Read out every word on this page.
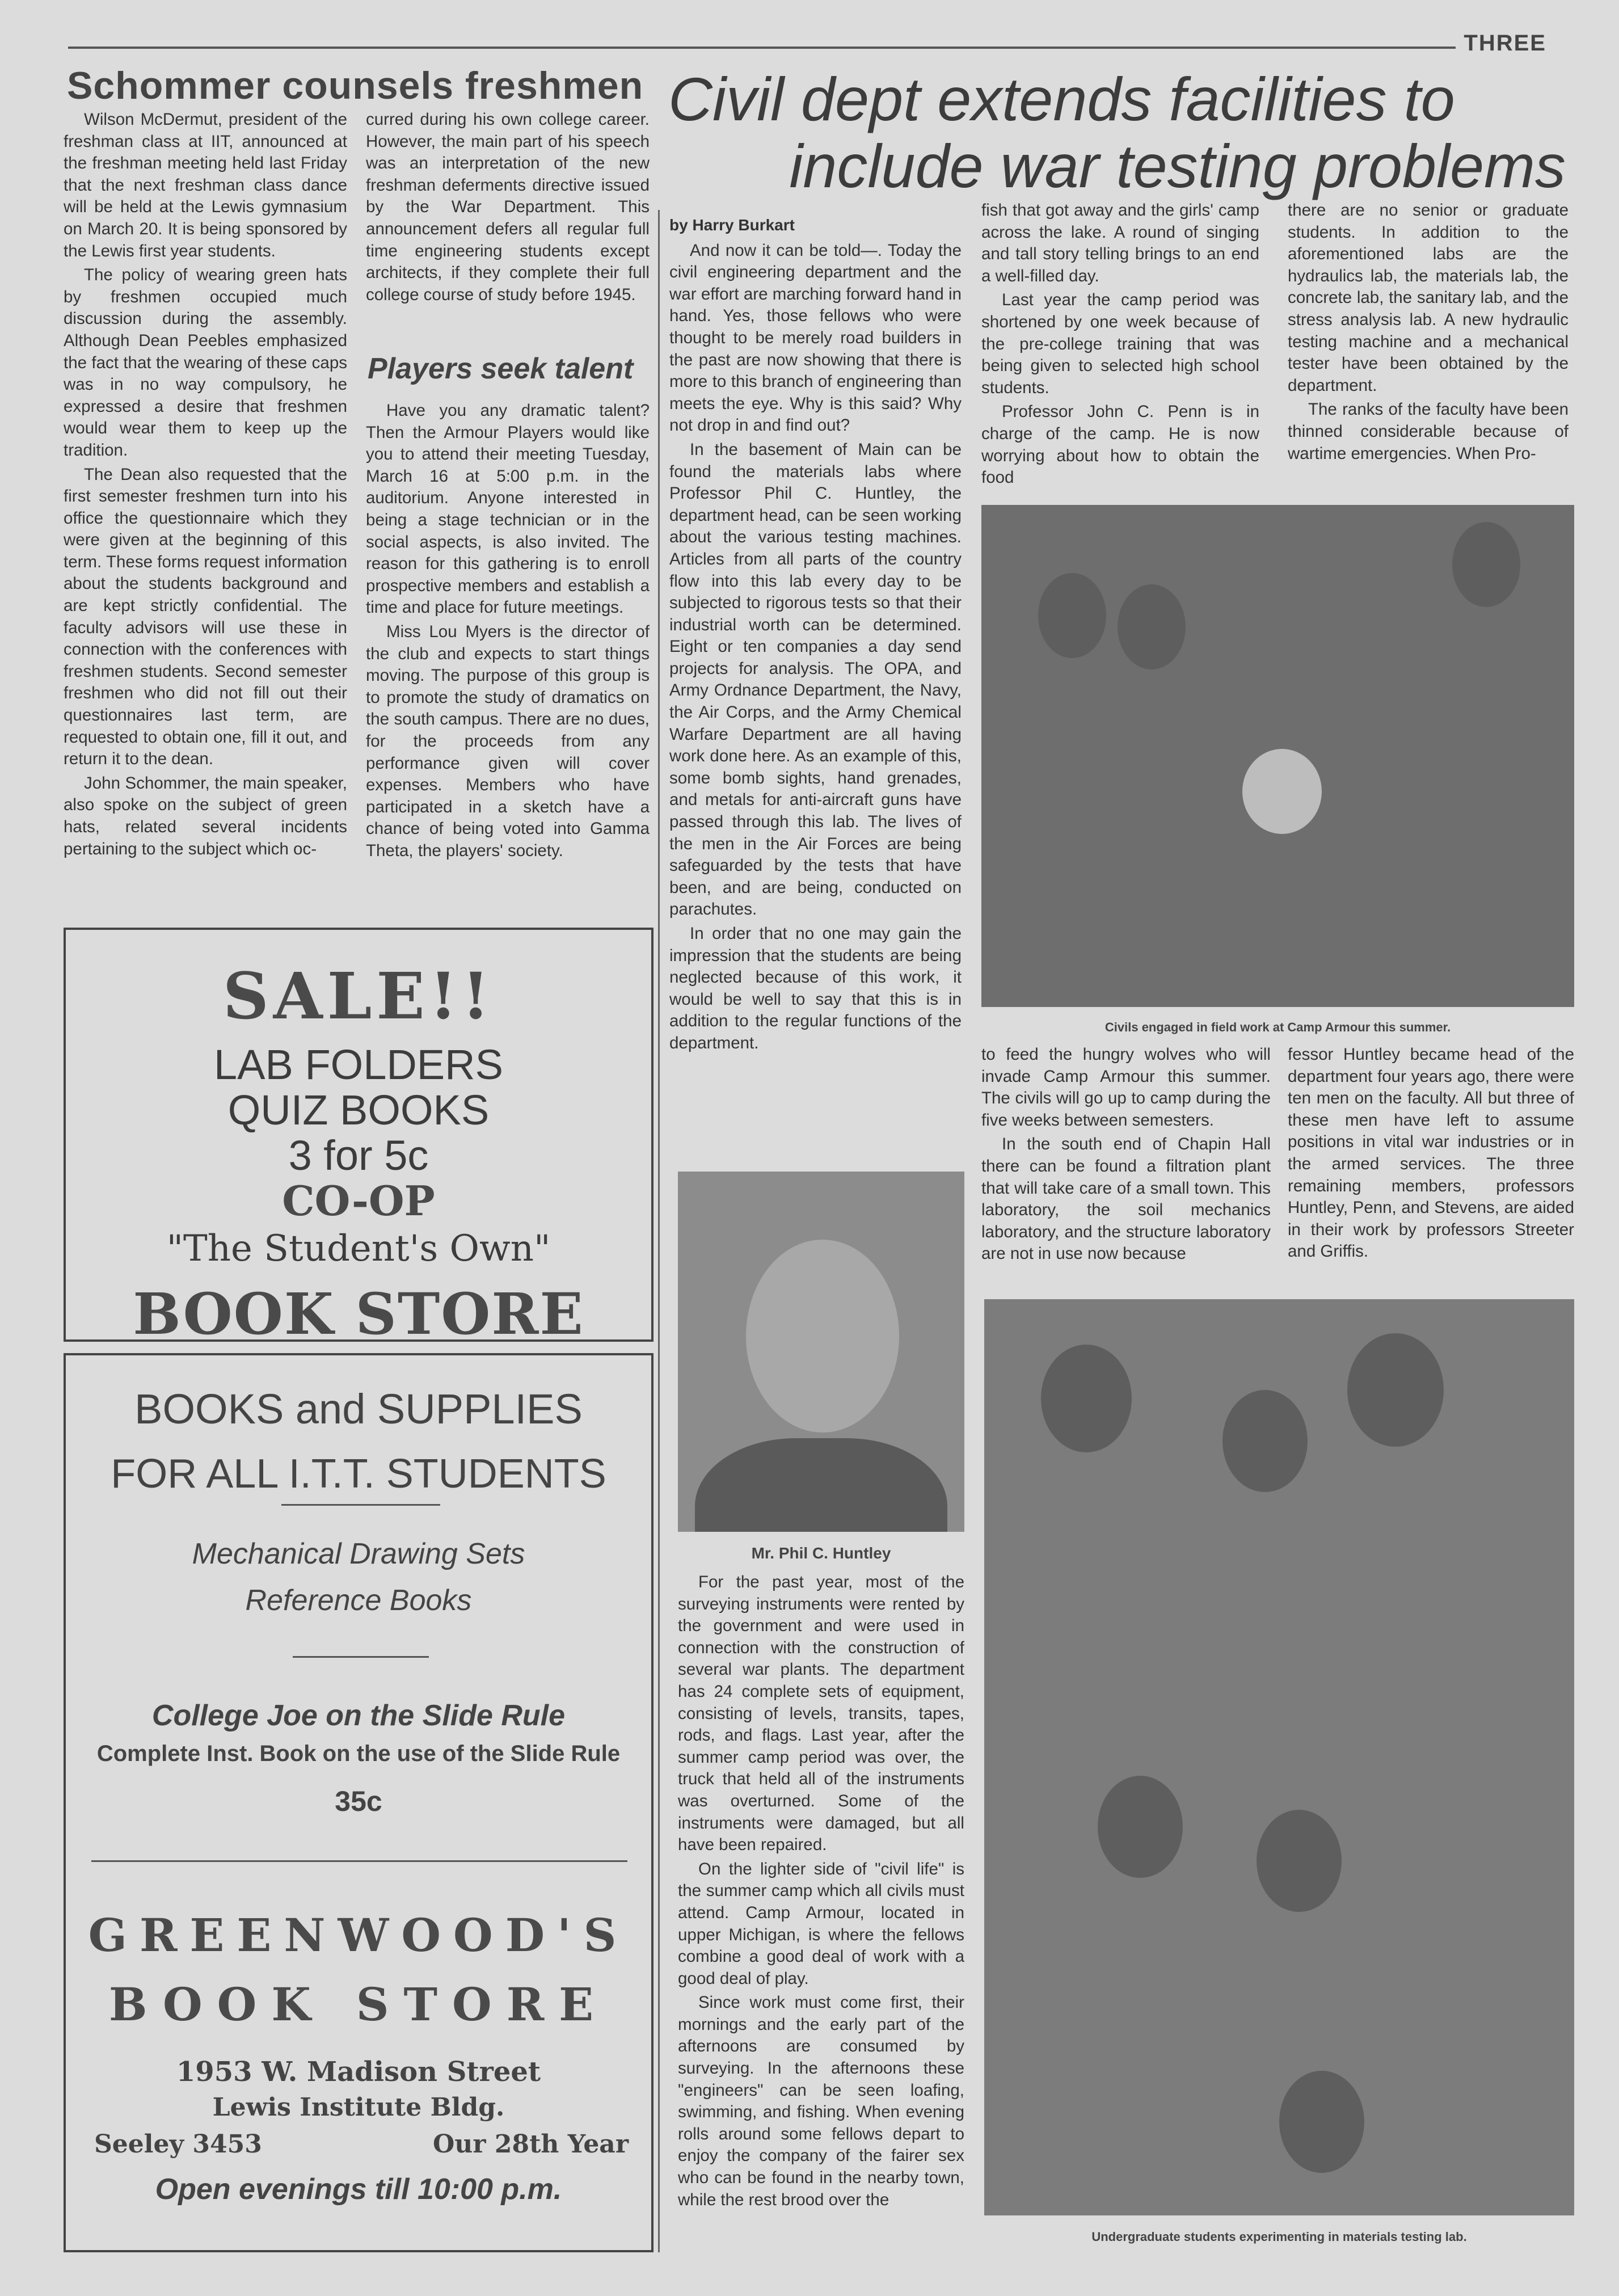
THREE
Schommer counsels freshmen

Wilson McDermut, president of the freshman class at IIT, announced at the freshman meeting held last Friday that the next freshman class dance will be held at the Lewis gymnasium on March 20. It is being sponsored by the Lewis first year students.

The policy of wearing green hats by freshmen occupied much discussion during the assembly. Although Dean Peebles emphasized the fact that the wearing of these caps was in no way compulsory, he expressed a desire that freshmen would wear them to keep up the tradition.

The Dean also requested that the first semester freshmen turn into his office the questionnaire which they were given at the beginning of this term. These forms request information about the students background and are kept strictly confidential. The faculty advisors will use these in connection with the conferences with freshmen students. Second semester freshmen who did not fill out their questionnaires last term, are requested to obtain one, fill it out, and return it to the dean.

John Schommer, the main speaker, also spoke on the subject of green hats, related several incidents pertaining to the subject which oc-

curred during his own college career. However, the main part of his speech was an interpretation of the new freshman deferments directive issued by the War Department. This announcement defers all regular full time engineering students except architects, if they complete their full college course of study before 1945.

Players seek talent

Have you any dramatic talent? Then the Armour Players would like you to attend their meeting Tuesday, March 16 at 5:00 p.m. in the auditorium. Anyone interested in being a stage technician or in the social aspects, is also invited. The reason for this gathering is to enroll prospective members and establish a time and place for future meetings.

Miss Lou Myers is the director of the club and expects to start things moving. The purpose of this group is to promote the study of dramatics on the south campus. There are no dues, for the proceeds from any performance given will cover expenses. Members who have participated in a sketch have a chance of being voted into Gamma Theta, the players' society.

SALE!!
LAB FOLDERS
QUIZ BOOKS
3 for 5c
CO-OP
"The Student's Own"
BOOK STORE
BOOKS and SUPPLIES
FOR ALL I.T.T. STUDENTS
Mechanical Drawing Sets
Reference Books
College Joe on the Slide Rule
Complete Inst. Book on the use of the Slide Rule
35c
GREENWOOD'S
BOOK STORE
1953 W. Madison Street
Lewis Institute Bldg.
Seeley 3453	Our 28th Year
Open evenings till 10:00 p.m.
Civil dept extends facilities to
include war testing problems

by Harry Burkart

And now it can be told—. Today the civil engineering department and the war effort are marching forward hand in hand. Yes, those fellows who were thought to be merely road builders in the past are now showing that there is more to this branch of engineering than meets the eye. Why is this said? Why not drop in and find out?

In the basement of Main can be found the materials labs where Professor Phil C. Huntley, the department head, can be seen working about the various testing machines. Articles from all parts of the country flow into this lab every day to be subjected to rigorous tests so that their industrial worth can be determined. Eight or ten companies a day send projects for analysis. The OPA, and Army Ordnance Department, the Navy, the Air Corps, and the Army Chemical Warfare Department are all having work done here. As an example of this, some bomb sights, hand grenades, and metals for anti-aircraft guns have passed through this lab. The lives of the men in the Air Forces are being safeguarded by the tests that have been, and are being, conducted on parachutes.

In order that no one may gain the impression that the students are being neglected because of this work, it would be well to say that this is in addition to the regular functions of the department.

fish that got away and the girls' camp across the lake. A round of singing and tall story telling brings to an end a well-filled day.

Last year the camp period was shortened by one week because of the pre-college training that was being given to selected high school students.

Professor John C. Penn is in charge of the camp. He is now worrying about how to obtain the food

there are no senior or graduate students. In addition to the aforementioned labs are the hydraulics lab, the materials lab, the concrete lab, the sanitary lab, and the stress analysis lab. A new hydraulic testing machine and a mechanical tester have been obtained by the department.

The ranks of the faculty have been thinned considerable because of wartime emergencies. When Pro-

Civils engaged in field work at Camp Armour this summer.

to feed the hungry wolves who will invade Camp Armour this summer. The civils will go up to camp during the five weeks between semesters.

In the south end of Chapin Hall there can be found a filtration plant that will take care of a small town. This laboratory, the soil mechanics laboratory, and the structure laboratory are not in use now because

fessor Huntley became head of the department four years ago, there were ten men on the faculty. All but three of these men have left to assume positions in vital war industries or in the armed services. The three remaining members, professors Huntley, Penn, and Stevens, are aided in their work by professors Streeter and Griffis.

Mr. Phil C. Huntley

For the past year, most of the surveying instruments were rented by the government and were used in connection with the construction of several war plants. The department has 24 complete sets of equipment, consisting of levels, transits, tapes, rods, and flags. Last year, after the summer camp period was over, the truck that held all of the instruments was overturned. Some of the instruments were damaged, but all have been repaired.

On the lighter side of "civil life" is the summer camp which all civils must attend. Camp Armour, located in upper Michigan, is where the fellows combine a good deal of work with a good deal of play.

Since work must come first, their mornings and the early part of the afternoons are consumed by surveying. In the afternoons these "engineers" can be seen loafing, swimming, and fishing. When evening rolls around some fellows depart to enjoy the company of the fairer sex who can be found in the nearby town, while the rest brood over the

Undergraduate students experimenting in materials testing lab.
